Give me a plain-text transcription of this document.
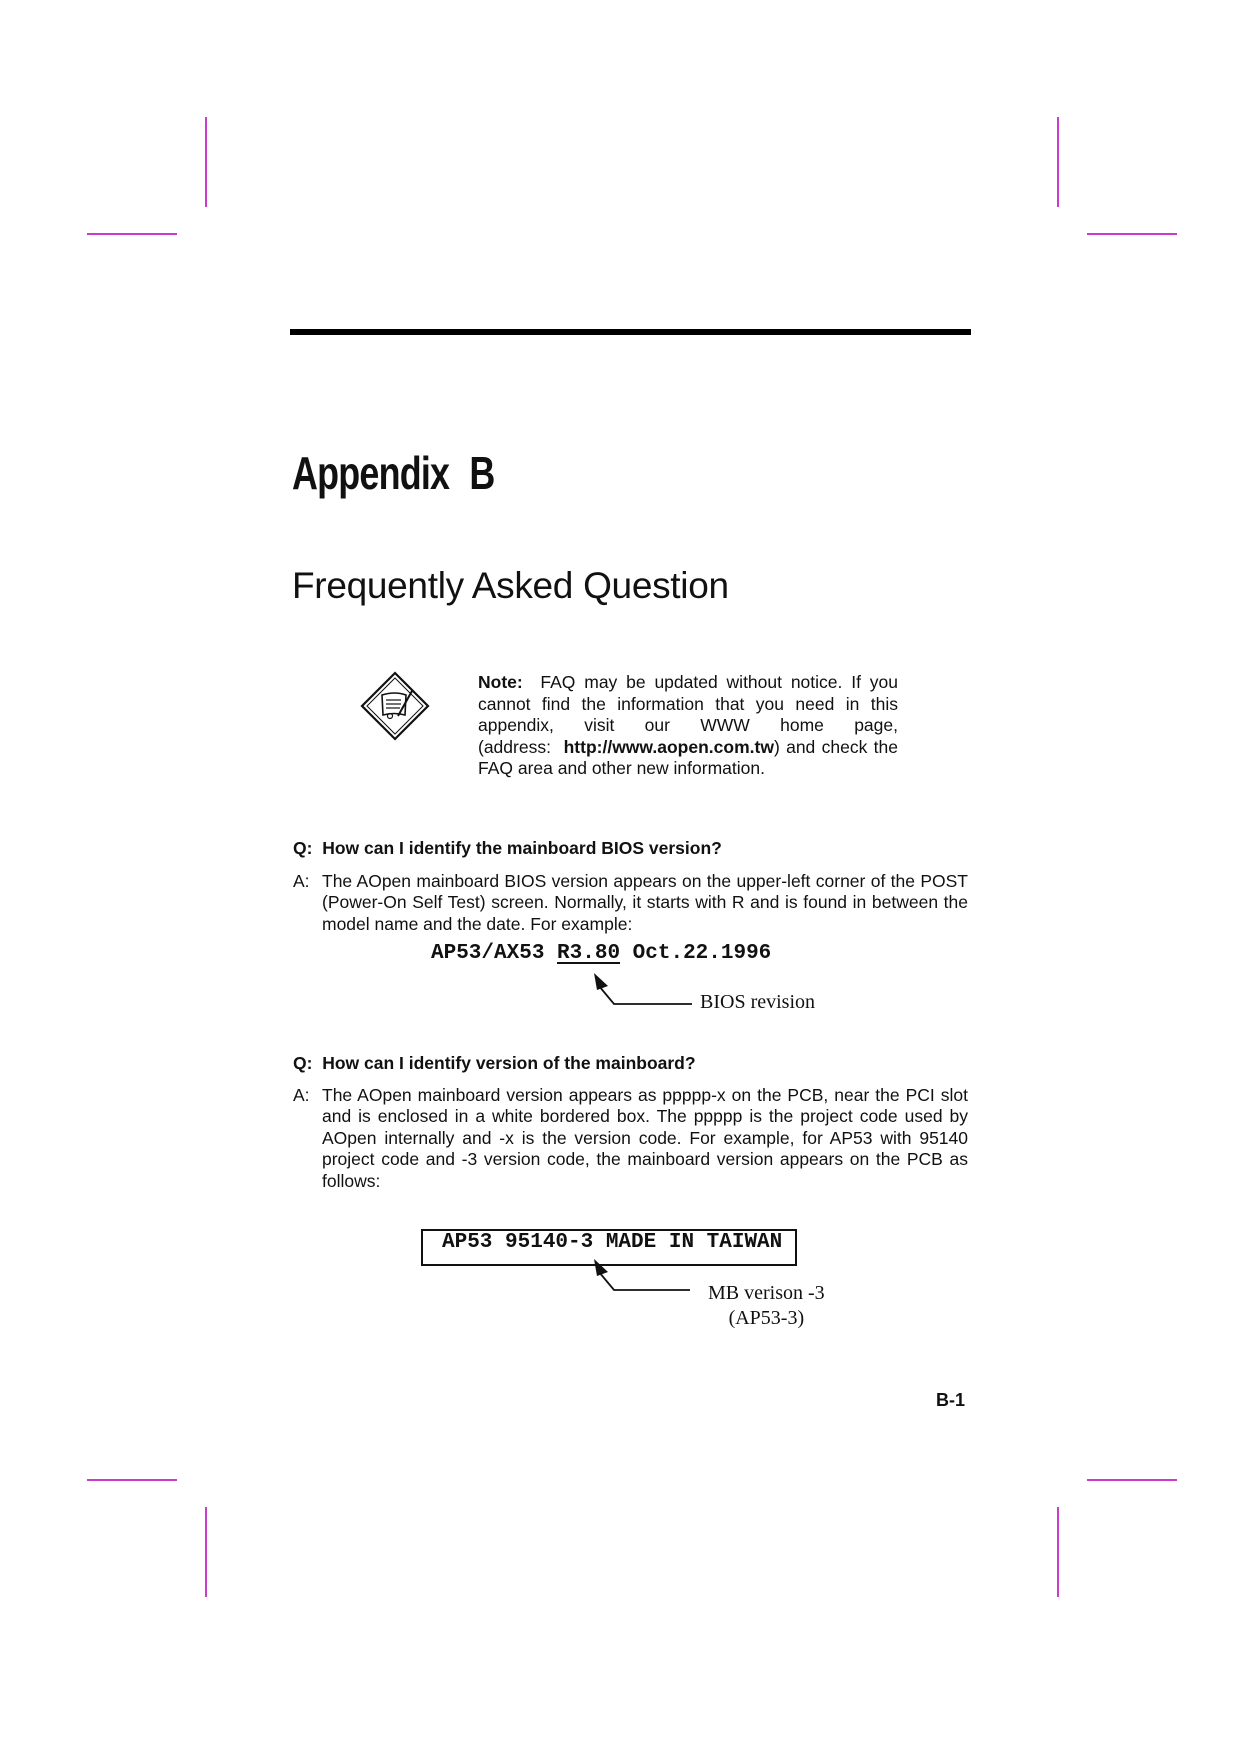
Appendix B
Frequently Asked Question
Note: FAQ may be updated without notice. If you cannot find the information that you need in this appendix, visit our WWW home page, (address: http://www.aopen.com.tw) and check the FAQ area and other new information.
Q: How can I identify the mainboard BIOS version?
A: The AOpen mainboard BIOS version appears on the upper-left corner of the POST (Power-On Self Test) screen. Normally, it starts with R and is found in between the model name and the date. For example:
AP53/AX53 R3.80 Oct.22.1996
BIOS revision
Q: How can I identify version of the mainboard?
A: The AOpen mainboard version appears as ppppp-x on the PCB, near the PCI slot and is enclosed in a white bordered box. The ppppp is the project code used by AOpen internally and -x is the version code. For example, for AP53 with 95140 project code and -3 version code, the mainboard version appears on the PCB as follows:
AP53 95140-3 MADE IN TAIWAN
MB verison -3
(AP53-3)
B-1
